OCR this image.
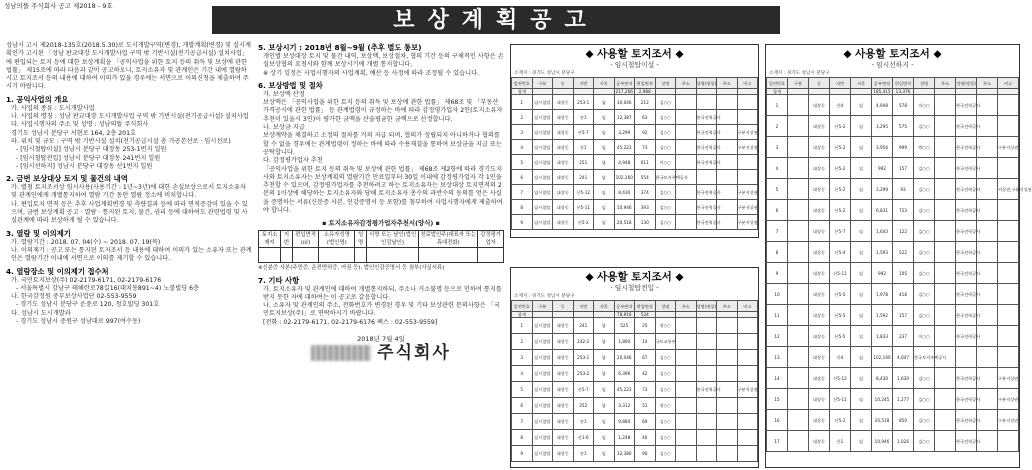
성남의뜰 주식회사 공고 제2018 - 9호
보상계획공고

성남시 고시 제2018-135호(2018.5.30)로 도시개발구역(변경), 개발계획(변경) 및 실시계획인가 고시된 「성남 판교대장 도시개발사업 구역 밖 기반시설(전기공급시설) 설치사업」에 편입되는 토지 등에 대한 보상계획을 「공익사업을 위한 토지 등의 취득 및 보상에 관한 법률」 제15조에 따라 다음과 같이 공고하오니, 토지소유자 및 관계인은 기간 내에 열람하시고 토지조서 등의 내용에 대하여 이의가 있을 경우에는 서면으로 이의신청을 제출하여 주시기 바랍니다.

1. 공익사업의 개요

가. 사업의 종류 : 도시개발사업

나. 사업의 명칭 : 성남 판교대장 도시개발사업 구역 밖 기반시설(전기공급시설) 설치사업

다. 사업시행자의 주소 및 성명 : 성남의뜰 주식회사

경기도 성남시 분당구 서현로 164, 2층 201호

라. 위치 및 규모 : 구역 밖 기반시설 설치(전기공급시설 총 가공본선로 · 임시선로)

- [임시철탑이설] 성남시 분당구 대장동 253-1번지 일원

- [임시철탑전입] 성남시 분당구 대장동 241번지 일원

- [임시선하지] 성남시 분당구 대장동 산1번지 일원

2. 금번 보상대상 토지 및 물건의 내역

가. 별첨 토지조서상 임시사용(사용기간 : 1년~3년)에 대한 손실보상으로서 토지소유자 및 관계인에게 개별통지하여 열람 기간 동안 열람 정소에 비치합니다.

나. 편입토지 면적 등은 추후 사업계획변경 및 측량결과 등에 따라 면적증감이 있을 수 있으며, 금번 보상계획 공고 · 열람 · 통지된 토지, 물건, 권리 등에 대하여도 관련법령 및 사실관계에 따라 보상하게 될 수 있습니다.

3. 열람 및 이의제기

가. 열람기간 : 2018. 07. 04(수) ~ 2018. 07. 19(목)

나. 이의제기 : 공고 또는 통지된 토지조서 등 내용에 대하여 이의가 있는 소유자 또는 관계인은 열람기간 이내에 서면으로 이의를 제기할 수 있습니다.

4. 열람장소 및 이의제기 접수처

가. 국민토지보상(주) 02-2179-6171, 02-2179-6176

- 서울특별시 강남구 테헤란로78길16(대치동891~4) 노블빌딩 6층

나. 한국감정원 중부보상사업단 02-553-9559

- 경기도 성남시 분당구 운중로 120, 청호빌딩 301호

다. 성남시 도시개발과

- 경기도 성남시 중원구 성남대로 997(여수동)

5. 보상시기 : 2018년 8월~9월 (추후 별도 통보)

개인별 보상대상 토지 및 물건 내역, 보상액, 보상절차, 협의 기간 등의 구체적인 사항은 손실보상협의 요청서와 함께 보상시기에 개별 통지합니다.

※ 상기 일정은 사업시행자의 사업계획, 예산 등 사정에 따라 조정될 수 있습니다.

6. 보상방법 및 절차

가. 보상액 산정

보상액은 「공익사업을 위한 토지 등의 취득 및 보상에 관한 법률」 제68조 및 「부동산가격공시에 관한 법률」 등 관계법령이 규정하는 바에 따라 감정평가업자 2인(토지소유자 추천이 있을시 3인)이 평가한 금액을 산술평균한 금액으로 산정합니다.

나. 보상금 지급

보상계약을 체결하고 소정의 절차를 거쳐 지급 되며, 협의가 성립되지 아니하거나 협의를 할 수 없을 경우에는 관계법령이 정하는 바에 따라 수용재결을 통하여 보상금을 지급 또는 공탁합니다.

다. 감정평가업자 추천

「공익사업을 위한 토지 등의 취득 및 보상에 관한 법률」 제68조 제2항에 따라 경기도지사와 토지소유자는 보상계획의 열람기간 만료일부터 30일 이내에 감정평가업자 각 1인을 추천할 수 있으며, 감정평가업자를 추천하려고 하는 토지소유자는 보상대상 토지면적의 2분의 1이상에 해당하는 토지소유자와 당해 토지소유자 총수의 과반수의 동의를 얻은 사실을 증명하는 서류(신분증 사본, 인감증명서 등 포함)를 첨부하여 사업시행자에게 제출하여야 합니다.

▪ 토지소유자감정평가업자추천서(양식) ▪
토지소재지	지번	편입면적(㎡)	소유자성명(법인명)	성명	서명 또는 날인(법인인감날인)	천료법인주(대표자 또는 휴대전화)	감정평가업자

※신분증 사본(주민증, 운전면허증, 여권 등), 법인인감증명서 등 첨부(사실서류)

7. 기타 사항

가. 토지소유자 및 관계인에 대하여 개별통지하되, 주소나 거소불명 등으로 인하여 통지를 받지 못한 자에 대하여는 이 공고로 갈음합니다.

나. 소유자 및 관계인의 주소, 전화번호가 변경된 경우 및 기타 보상관련 문의사항은 「국민토지보상(주)」로 연락하시기 바랍니다.

[전화 : 02-2179-6171, 02-2179-6176 팩스 : 02-553-9559]

2018년 7월 4일
주식회사
◆ 사용할 토지조서 ◆
- 임시철탑이설 -
소재지 : 경기도 성남시 분당구
일련번호	구분	동	지번	지목	공부면적	편입면적	성명	주소	성명(명칭)	주소	비고
합계					217,266	2,988					
1	임시철탑	대장동	253-1	답	10,046	212	김○○				
2	임시철탑	대장동	산1	임	12,387	63	김○○		한국전력공사		
3	임시철탑	대장동	산5-7	임	3,299	92	김○○		한국전력공사		구분지상권
4	임시철탑	대장동	산1	임	45,223	73	김○○		한국전력공사		구분지상권
5	임시철탑	대장동	251	답	4,948	611	이○○		한국전력공사		
6	임시철탑	대장동	241	답	102,160	554	한국토지주택공사				
7	임시철탑	대장동	산5-12	임	8,430	374	김○○		한국전력공사		구분지상권
8	임시철탑	대장동	산5-11	임	10,946	393	김○○		한국전력공사		구분지상권
9	임시철탑	대장동	산5-2	임	20,518	130	김○○		한국전력공사		구분지상권
◆ 사용할 토지조서 ◆
- 임시철탑전입 -
소재지 : 경기도 성남시 분당구
일련번호	구분	동	지번	지목	공부면적	편입면적	성명	주소	성명(명칭)	주소	비고
합계					78,916	534					
1	임시철탑	대장동	241	답	525	25	정○○				
2	임시철탑	대장동	242-2	답	1,860	14	국토교통부				
3	임시철탑	대장동	253-1	답	10,046	67	김○○				
4	임시철탑	대장동	253-2	답	6,396	42	김○○				
5	임시철탑	대장동	산5-7	임	45,223	73	김○○		한국전력공사		구분지상권
6	임시철탑	대장동	252	답	3,312	51	정○○				
7	임시철탑	대장동	산1	임	9,880	69	김○○				
8	임시철탑	대장동	산1-6	임	1,248	40	김○○				
9	임시철탑	대장동	산1	임	32,380	90	김○○				
◆ 사용할 토지조서 ◆
- 임시선하지 -
소재지 : 경기도 성남시 분당구
일련번호	구분	동	지번	지목	공부면적	편입면적	성명	주소	성명(명칭)	주소	비고
합계					185,415	13,376					
1		대장동	산4	임	4,948	578	이○○		한국전력공사		
2		대장동	산5-2	임	3,295	575	김○○		한국전력공사		
3		대장동	산5-2	임	3,956	999	박○○		한국전력공사		구분지상권
4		대장동	산5-2	임	992	157	김○○		한국전력공사		
5		대장동	산5-2	임	3,299	93	김○○		한국전력공사		지상권,구분지상권
6		대장동	산5-2	임	6,831	723	김○○		한국전력공사		
7		대장동	산5-7	임	1,643	122	김○○		한국전력공사		
8		대장동	산5-4	임	1,593	522	김○○		한국전력공사		
9		대장동	산5-11	임	992	105	김○○		한국전력공사		
10		대장동	산5-5	임	1,978	418	김○○		한국전력공사		
11		대장동	산5-5	임	1,592	157	김○○		한국전력공사		
12		대장동	산5-5	임	1,833	237	이○○		한국전력공사		
13		대장동	산4	임	102,160	4,047	한국토지주택공사				
14		대장동	산5-12	임	8,430	1,630	김○○		한국전력공사		구분지상권
15		대장동	산5-11	임	10,245	1,277	김○○		한국전력공사		구분지상권
16		대장동	산5-2	임	20,518	850	김○○		한국전력공사		구분지상권
17		대장동	산1	임	10,946	1,026	김○○		한국전력공사		
